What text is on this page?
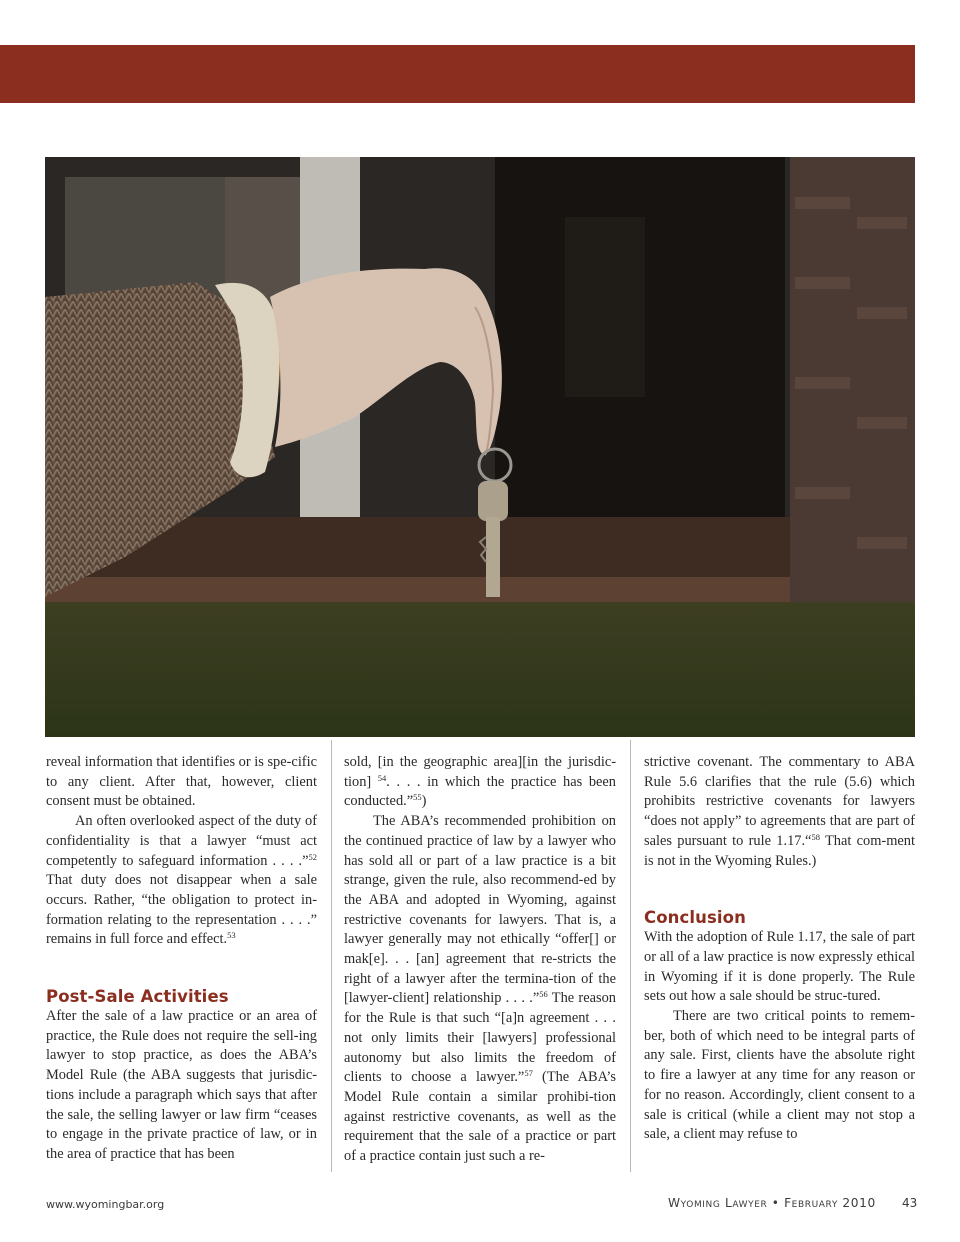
reveal information that identifies or is spe-cific to any client. After that, however, client consent must be obtained.

An often overlooked aspect of the duty of confidentiality is that a lawyer “must act competently to safeguard information . . . .”$^{52}$ That duty does not disappear when a sale occurs. Rather, “the obligation to protect in-formation relating to the representation . . . .” remains in full force and effect.$^{53}$

Post-Sale Activities

After the sale of a law practice or an area of practice, the Rule does not require the sell-ing lawyer to stop practice, as does the ABA’s Model Rule (the ABA suggests that jurisdic-tions include a paragraph which says that after the sale, the selling lawyer or law firm “ceases to engage in the private practice of law, or in the area of practice that has been

sold, [in the geographic area][in the jurisdic-tion] $^{54}$. . . . in which the practice has been conducted.”$^{55}$)

The ABA’s recommended prohibition on the continued practice of law by a lawyer who has sold all or part of a law practice is a bit strange, given the rule, also recommend-ed by the ABA and adopted in Wyoming, against restrictive covenants for lawyers. That is, a lawyer generally may not ethically “offer[] or mak[e]. . . [an] agreement that re-stricts the right of a lawyer after the termina-tion of the [lawyer-client] relationship . . . .”$^{56}$ The reason for the Rule is that such “[a]n agreement . . . not only limits their [lawyers] professional autonomy but also limits the freedom of clients to choose a lawyer.”$^{57}$ (The ABA’s Model Rule contain a similar prohibi-tion against restrictive covenants, as well as the requirement that the sale of a practice or part of a practice contain just such a re-

strictive covenant. The commentary to ABA Rule 5.6 clarifies that the rule (5.6) which prohibits restrictive covenants for lawyers “does not apply” to agreements that are part of sales pursuant to rule 1.17.“$^{58}$ That com-ment is not in the Wyoming Rules.)

Conclusion

With the adoption of Rule 1.17, the sale of part or all of a law practice is now expressly ethical in Wyoming if it is done properly. The Rule sets out how a sale should be struc-tured.

There are two critical points to remem-ber, both of which need to be integral parts of any sale. First, clients have the absolute right to fire a lawyer at any time for any reason or for no reason. Accordingly, client consent to a sale is critical (while a client may not stop a sale, a client may refuse to

www.wyomingbar.org	Wyoming Lawyer • February 2010 43
